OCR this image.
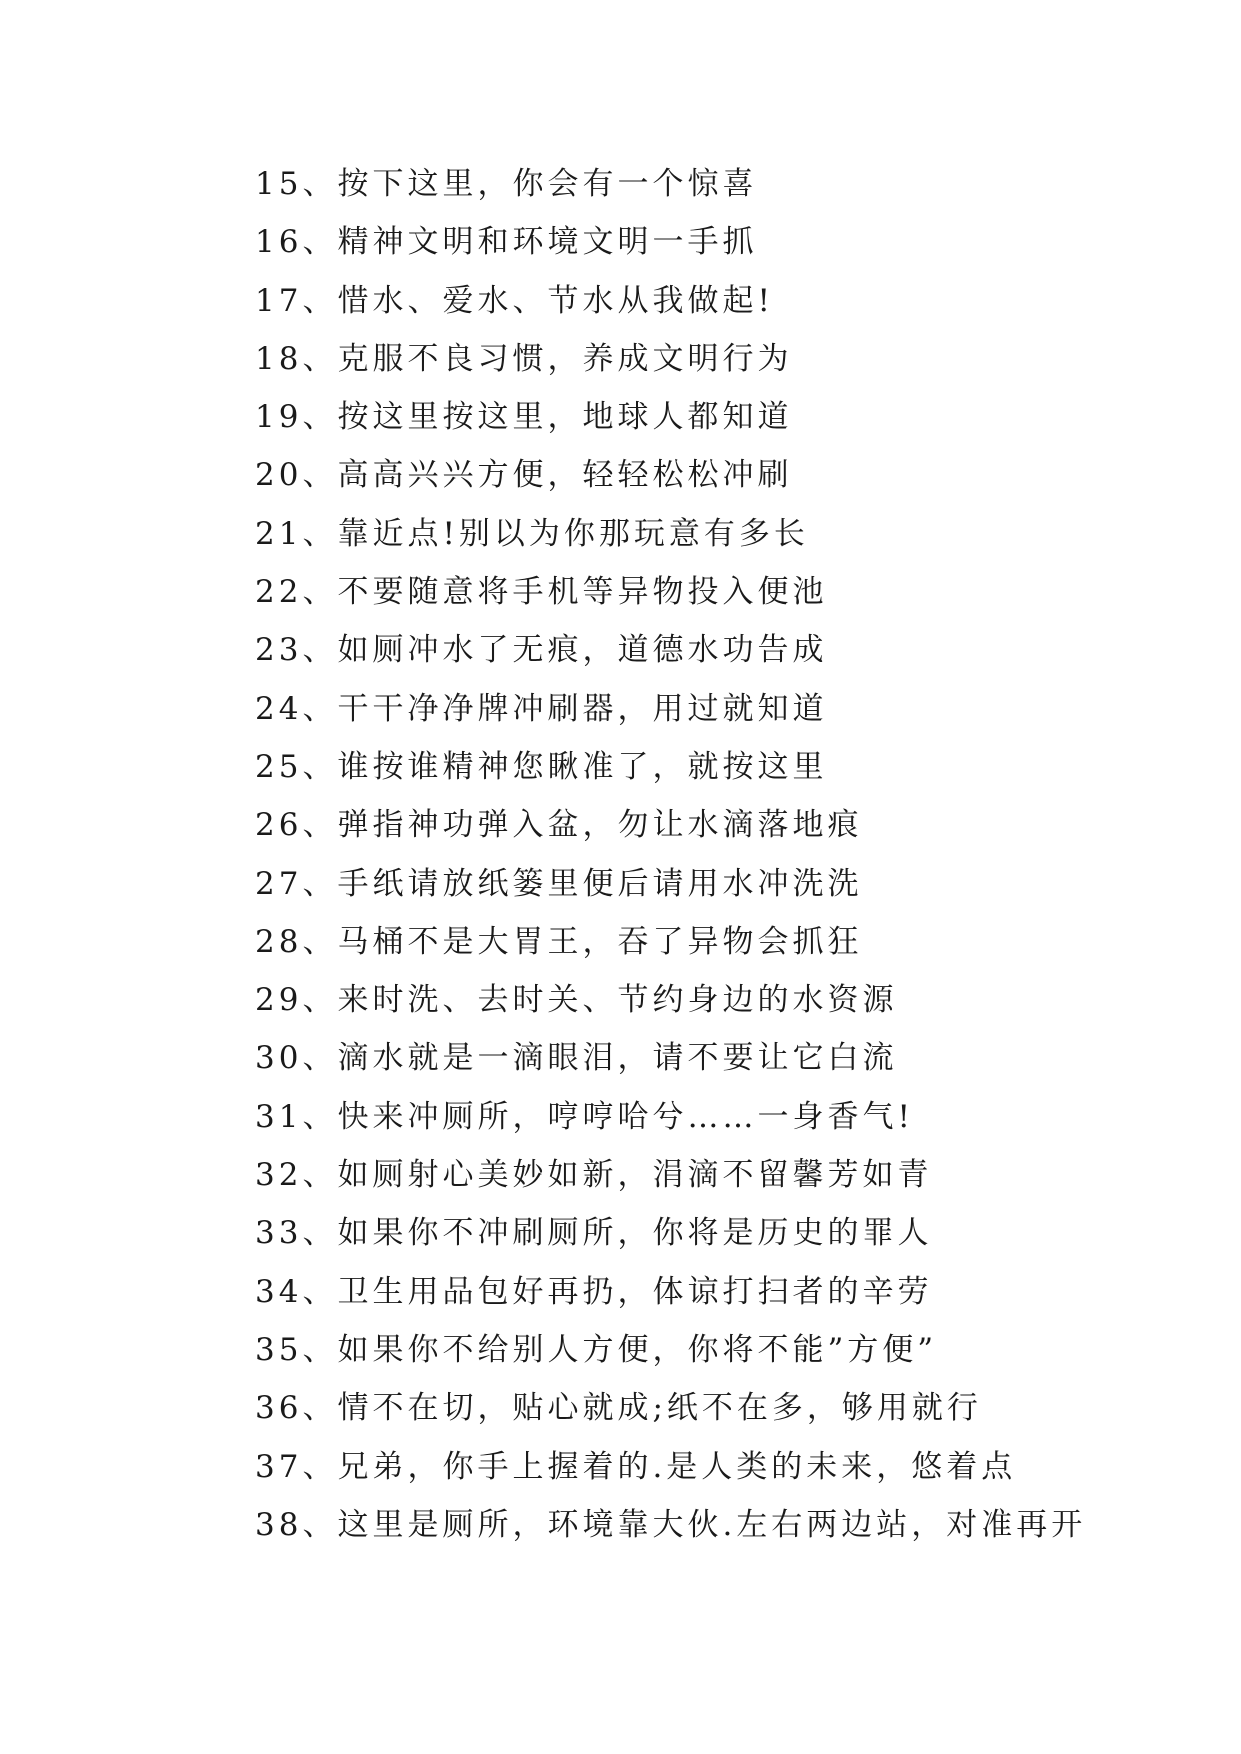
15、按下这里，你会有一个惊喜
16、精神文明和环境文明一手抓
17、惜水、爱水、节水从我做起!
18、克服不良习惯，养成文明行为
19、按这里按这里，地球人都知道
20、高高兴兴方便，轻轻松松冲刷
21、靠近点!别以为你那玩意有多长
22、不要随意将手机等异物投入便池
23、如厕冲水了无痕，道德水功告成
24、干干净净牌冲刷器，用过就知道
25、谁按谁精神您瞅准了，就按这里
26、弹指神功弹入盆，勿让水滴落地痕
27、手纸请放纸篓里便后请用水冲洗洗
28、马桶不是大胃王，吞了异物会抓狂
29、来时洗、去时关、节约身边的水资源
30、滴水就是一滴眼泪，请不要让它白流
31、快来冲厕所，哼哼哈兮……一身香气!
32、如厕射心美妙如新，涓滴不留馨芳如青
33、如果你不冲刷厕所，你将是历史的罪人
34、卫生用品包好再扔，体谅打扫者的辛劳
35、如果你不给别人方便，你将不能”方便”
36、情不在切，贴心就成;纸不在多，够用就行
37、兄弟，你手上握着的.是人类的未来，悠着点
38、这里是厕所，环境靠大伙.左右两边站，对准再开
